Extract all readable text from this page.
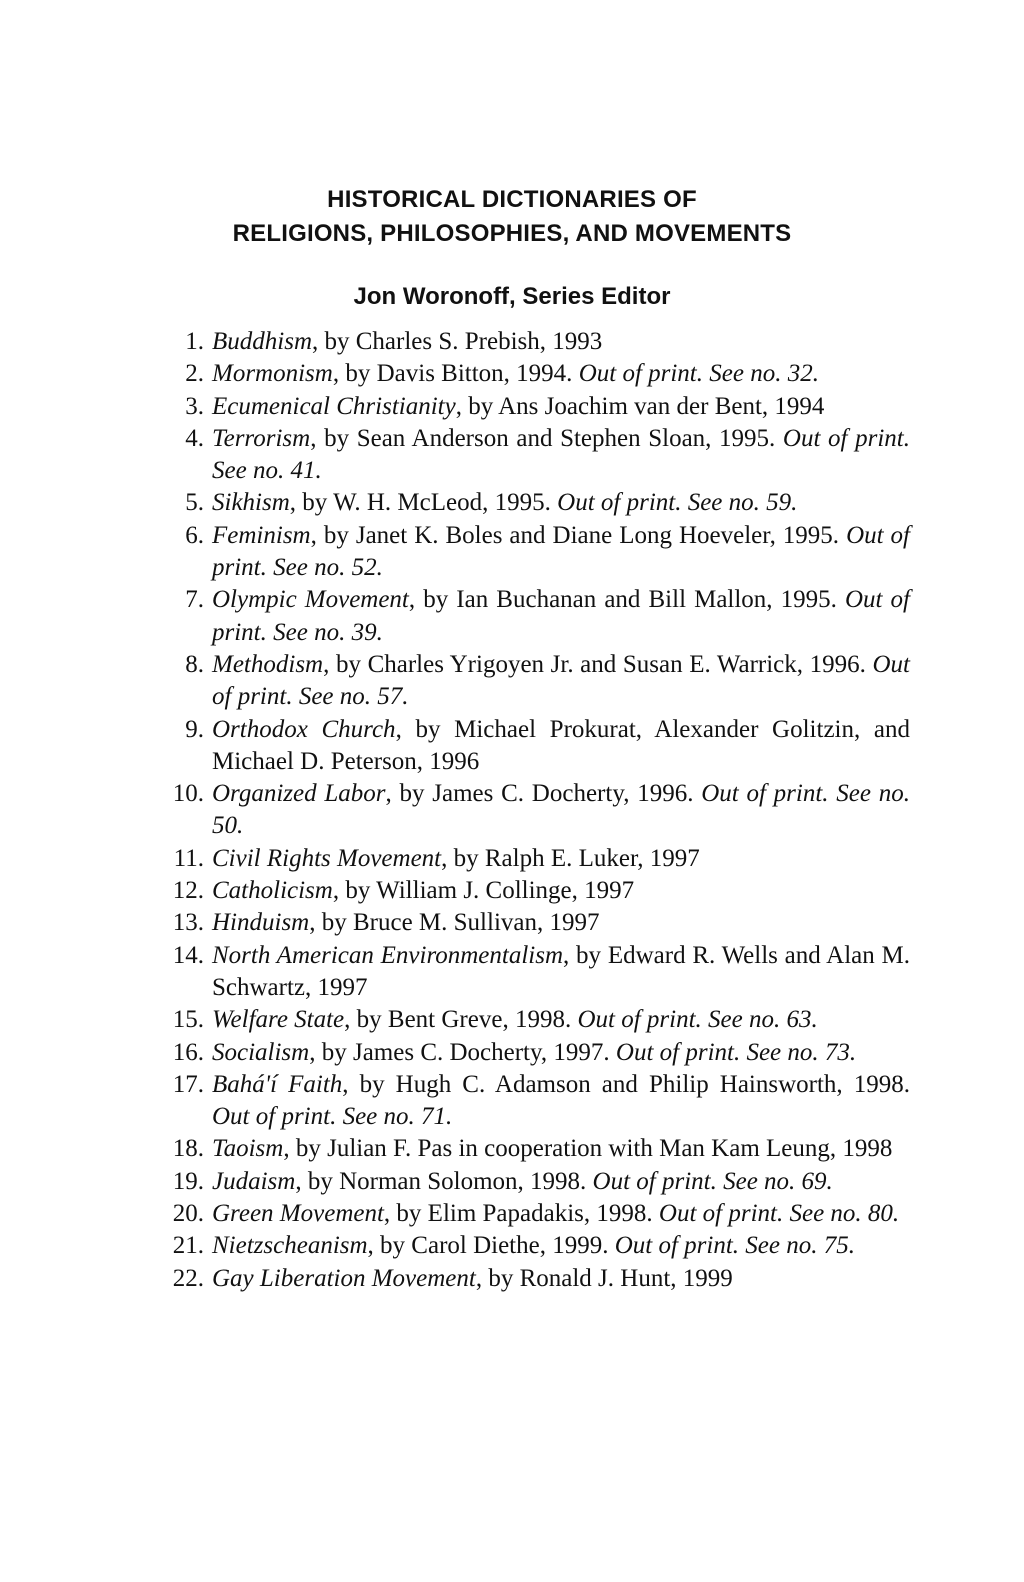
HISTORICAL DICTIONARIES OF
RELIGIONS, PHILOSOPHIES, AND MOVEMENTS
Jon Woronoff, Series Editor
1. Buddhism, by Charles S. Prebish, 1993
2. Mormonism, by Davis Bitton, 1994. Out of print. See no. 32.
3. Ecumenical Christianity, by Ans Joachim van der Bent, 1994
4. Terrorism, by Sean Anderson and Stephen Sloan, 1995. Out of print. See no. 41.
5. Sikhism, by W. H. McLeod, 1995. Out of print. See no. 59.
6. Feminism, by Janet K. Boles and Diane Long Hoeveler, 1995. Out of print. See no. 52.
7. Olympic Movement, by Ian Buchanan and Bill Mallon, 1995. Out of print. See no. 39.
8. Methodism, by Charles Yrigoyen Jr. and Susan E. Warrick, 1996. Out of print. See no. 57.
9. Orthodox Church, by Michael Prokurat, Alexander Golitzin, and Michael D. Peterson, 1996
10. Organized Labor, by James C. Docherty, 1996. Out of print. See no. 50.
11. Civil Rights Movement, by Ralph E. Luker, 1997
12. Catholicism, by William J. Collinge, 1997
13. Hinduism, by Bruce M. Sullivan, 1997
14. North American Environmentalism, by Edward R. Wells and Alan M. Schwartz, 1997
15. Welfare State, by Bent Greve, 1998. Out of print. See no. 63.
16. Socialism, by James C. Docherty, 1997. Out of print. See no. 73.
17. Bahá'í Faith, by Hugh C. Adamson and Philip Hainsworth, 1998. Out of print. See no. 71.
18. Taoism, by Julian F. Pas in cooperation with Man Kam Leung, 1998
19. Judaism, by Norman Solomon, 1998. Out of print. See no. 69.
20. Green Movement, by Elim Papadakis, 1998. Out of print. See no. 80.
21. Nietzscheanism, by Carol Diethe, 1999. Out of print. See no. 75.
22. Gay Liberation Movement, by Ronald J. Hunt, 1999
